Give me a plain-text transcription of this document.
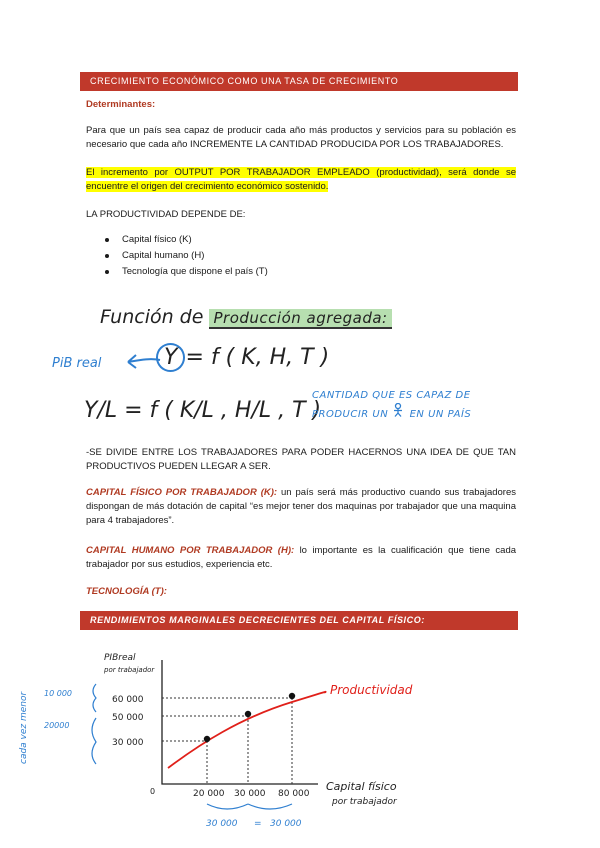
CRECIMIENTO ECONÓMICO COMO UNA TASA DE CRECIMIENTO
Determinantes:
Para que un país sea capaz de producir cada año más productos y servicios para su población es necesario que cada año INCREMENTE LA CANTIDAD PRODUCIDA POR LOS TRABAJADORES.
El incremento por OUTPUT POR TRABAJADOR EMPLEADO (productividad), será donde se encuentre el origen del crecimiento económico sostenido.
LA PRODUCTIVIDAD DEPENDE DE:
Capital físico (K)
Capital humano (H)
Tecnología que dispone el país (T)
Función de Producción agregada:
PiB real	Y = f ( K, H, T )
Y/L = f ( K/L , H/L , T )
CANTIDAD QUE ES CAPAZ DE
PRODUCIR UN EN UN PAÍS
-SE DIVIDE ENTRE LOS TRABAJADORES PARA PODER HACERNOS UNA IDEA DE QUE TAN PRODUCTIVOS PUEDEN LLEGAR A SER.
CAPITAL FÍSICO POR TRABAJADOR (K): un país será más productivo cuando sus trabajadores dispongan de más dotación de capital “es mejor tener dos maquinas por trabajador que una maquina para 4 trabajadores”.
CAPITAL HUMANO POR TRABAJADOR (H): lo importante es la cualificación que tiene cada trabajador por sus estudios, experiencia etc.
TECNOLOGÍA (T):
RENDIMIENTOS MARGINALES DECRECIENTES DEL CAPITAL FÍSICO:
PIBreal
por trabajador
Capital físico
por trabajador
0	20 000 30 000 80 000
60 000
50 000
30 000
Productividad
10 000
20000
cada vez menor
30 000 = 30 000
